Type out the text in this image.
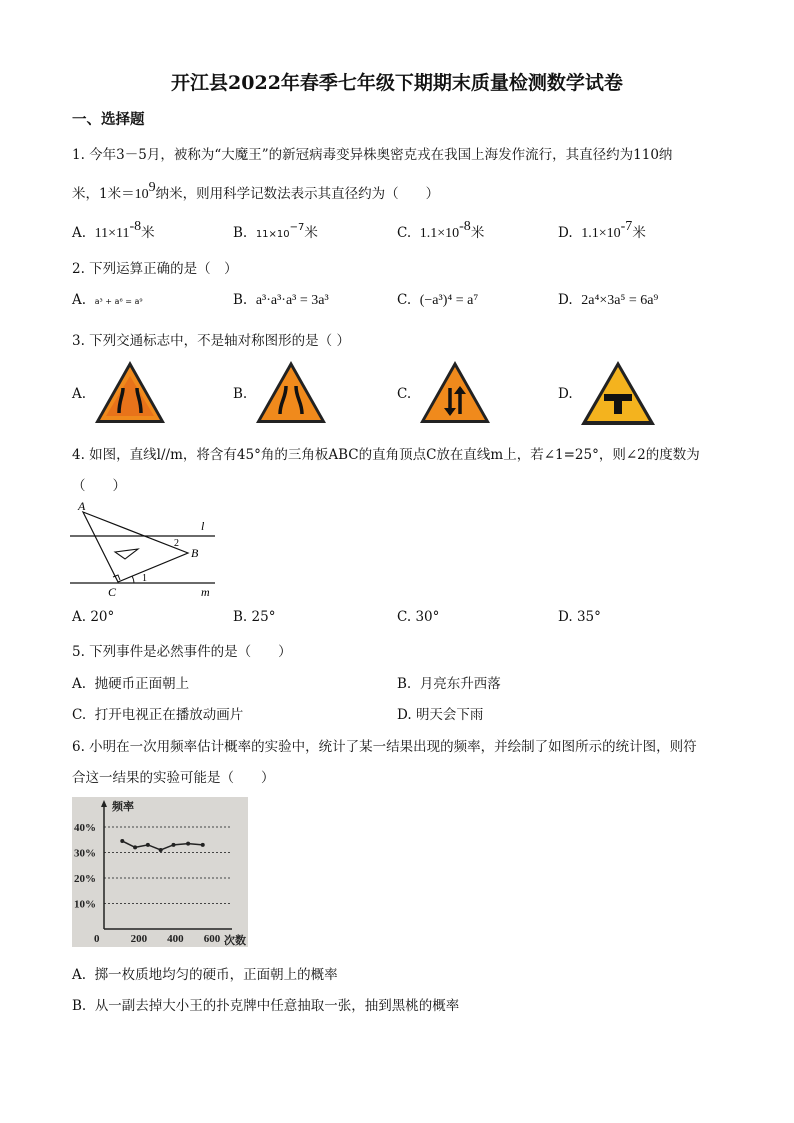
开江县2022年春季七年级下期期末质量检测数学试卷
一、选择题
1. 今年3－5月，被称为“大魔王”的新冠病毒变异株奥密克戎在我国上海发作流行，其直径约为110纳
米，1米$=10^9$纳米，则用科学记数法表示其直径约为（　　）
A. $11\times 11^{-8}$米	B. $11\times 10^{-7}$米	C. $1.1\times 10^{-8}$米	D. $1.1\times 10^{-7}$米
2. 下列运算正确的是（　）
A. a³ + a⁶ = a⁹	B. a³·a³·a³ = 3a³	C. (−a³)⁴ = a⁷	D. 2a⁴×3a⁵ = 6a⁹
3. 下列交通标志中，不是轴对称图形的是（ ）
A.	B.	C.	D.
4. 如图，直线l//m，将含有45°角的三角板ABC的直角顶点C放在直线m上，若∠1=25°，则∠2的度数为
（　　）
A
B
C
l
m
1
2
A. 20°	B. 25°	C. 30°	D. 35°
5. 下列事件是必然事件的是（　　）
A. 抛硬币正面朝上	B. 月亮东升西落
C. 打开电视正在播放动画片	D. 明天会下雨
6. 小明在一次用频率估计概率的实验中，统计了某一结果出现的频率，并绘制了如图所示的统计图，则符
合这一结果的实验可能是（　　）
频率
次数
10%
20%
30%
40%
0	200 400 600
A. 掷一枚质地均匀的硬币，正面朝上的概率
B. 从一副去掉大小王的扑克牌中任意抽取一张，抽到黑桃的概率
